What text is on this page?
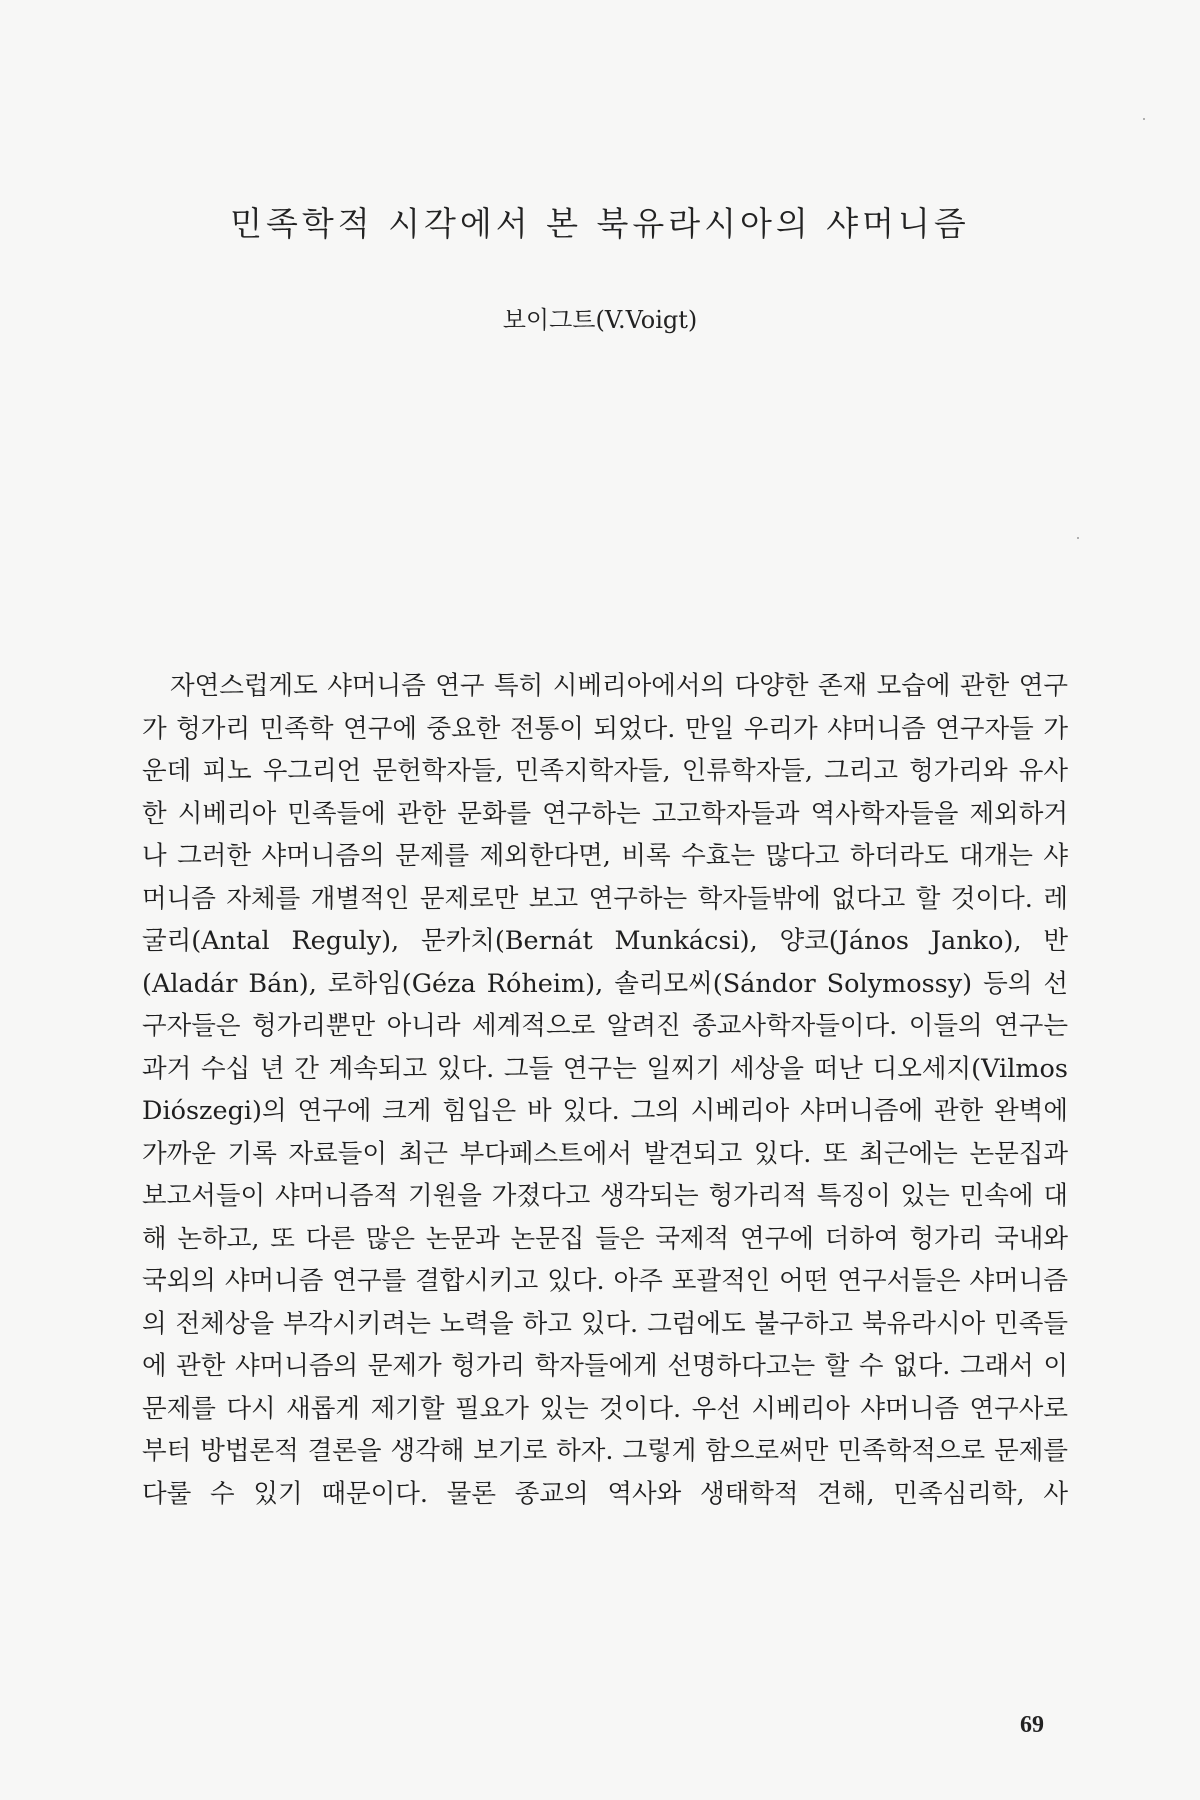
민족학적 시각에서 본 북유라시아의 샤머니즘
보이그트(V.Voigt)

자연스럽게도 샤머니즘 연구 특히 시베리아에서의 다양한 존재 모습에 관한 연구가 헝가리 민족학 연구에 중요한 전통이 되었다. 만일 우리가 샤머니즘 연구자들 가운데 피노 우그리언 문헌학자들, 민족지학자들, 인류학자들, 그리고 헝가리와 유사한 시베리아 민족들에 관한 문화를 연구하는 고고학자들과 역사학자들을 제외하거나 그러한 샤머니즘의 문제를 제외한다면, 비록 수효는 많다고 하더라도 대개는 샤머니즘 자체를 개별적인 문제로만 보고 연구하는 학자들밖에 없다고 할 것이다. 레굴리(Antal Reguly), 문카치(Bernát Munkácsi), 양코(János Janko), 반(Aladár Bán), 로하임(Géza Róheim), 솔리모씨(Sándor Solymossy) 등의 선구자들은 헝가리뿐만 아니라 세계적으로 알려진 종교사학자들이다. 이들의 연구는 과거 수십 년 간 계속되고 있다. 그들 연구는 일찌기 세상을 떠난 디오세지(Vilmos Diószegi)의 연구에 크게 힘입은 바 있다. 그의 시베리아 샤머니즘에 관한 완벽에 가까운 기록 자료들이 최근 부다페스트에서 발견되고 있다. 또 최근에는 논문집과 보고서들이 샤머니즘적 기원을 가졌다고 생각되는 헝가리적 특징이 있는 민속에 대해 논하고, 또 다른 많은 논문과 논문집 들은 국제적 연구에 더하여 헝가리 국내와 국외의 샤머니즘 연구를 결합시키고 있다. 아주 포괄적인 어떤 연구서들은 샤머니즘의 전체상을 부각시키려는 노력을 하고 있다. 그럼에도 불구하고 북유라시아 민족들에 관한 샤머니즘의 문제가 헝가리 학자들에게 선명하다고는 할 수 없다. 그래서 이 문제를 다시 새롭게 제기할 필요가 있는 것이다. 우선 시베리아 샤머니즘 연구사로부터 방법론적 결론을 생각해 보기로 하자. 그렇게 함으로써만 민족학적으로 문제를 다룰 수 있기 때문이다. 물론 종교의 역사와 생태학적 견해, 민족심리학, 사

69
